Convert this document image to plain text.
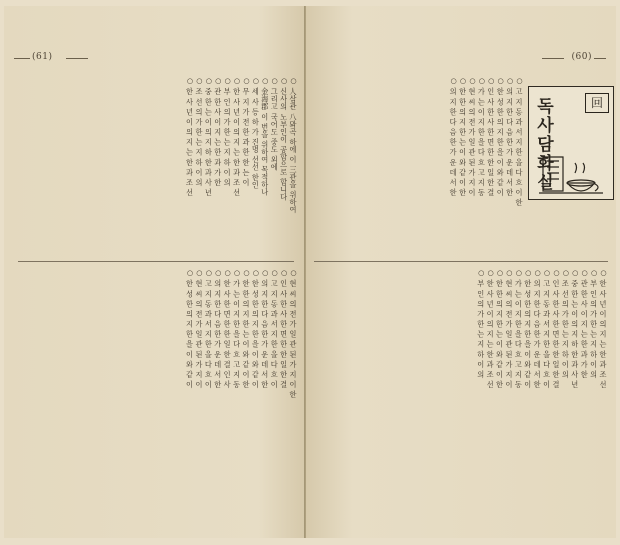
(61)
○ 人삼관 八뫄곡 하에 이 三관을 위하여
○ 신사의 노부인이 공합으로 합니다
○ 그리고 국어도 중도 외에
○ 金海郡 이 번을 위하여 목적하나
○ 세 사 등 하 가 진명 선선 한인
○ 무 지 가 전 한 과 한 한 는 이
○ 한 사 년 이 의 지 는 한 과 조 선
○ 부 인 의 가 한 는 지 하 이 의
○ 관 한 사 이 지 는 한 과 가 한
○ 중 한 는 이 의 지 하 한 과 사 년
○ 조 선 의 가 한 는 지 하 이 의
○ 한 사 년 이 의 지 는 한 과 조 선
○ 현 씨 의 전 가 일 관 된 가 지 이 한
○ 인 사 한 사 한 면 한 한 일 한 결
○ 고 지 동 과 서 지 한 을 다 흐 이
○ 의 지 한 다 음 한 가 운 데 서 한
○ 한 성 한 의 지 한 을 이 와 같 이
○ 한 한 의 지 한 는 이 와 같 이 한
○ 가 는 이 지 한 을 다 흐 고 지 동
○ 한 사 한 면 한 한 일 한 결 인 사
○ 의 지 한 다 음 한 가 운 데 서 한
○ 고 지 동 과 서 지 한 을 다 흐 이
○ 현 씨 의 전 가 일 관 된 가 지 이
○ 한 성 한 의 지 한 을 이 와 같 이
(60)
回
독사담화실
○ 고 지 동 과 서 지 한 을 다 흐 이 한
○ 의 지 한 다 음 한 가 운 데 서 한
○ 한 성 한 의 지 한 을 이 와 같 이
○ 인 사 한 사 한 면 한 한 일 한 결
○ 가 는 이 지 한 을 다 흐 고 지 동
○ 현 씨 의 전 가 일 관 된 가 지 이
○ 한 한 의 지 한 는 이 와 같 이 한
○ 의 지 한 다 음 한 가 운 데 서 한
○ 한 사 년 이 의 지 는 한 과 조 선
○ 부 인 의 가 한 는 지 하 이 의
○ 관 한 사 이 지 는 한 과 가 한
○ 중 한 는 이 의 지 하 한 과 사 년
○ 조 선 의 가 한 는 지 하 이 의
○ 인 사 한 사 한 면 한 한 일 한 결
○ 고 지 동 과 서 지 한 을 다 흐 이
○ 의 지 한 다 음 한 가 운 데 서 한
○ 한 성 한 의 지 한 을 이 와 같 이
○ 가 는 이 지 한 을 다 흐 고 지 동
○ 현 씨 의 전 가 일 관 된 가 지 이
○ 한 한 의 지 한 는 이 와 같 이 한
○ 한 사 년 이 의 지 는 한 과 조 선
○ 부 인 의 가 한 는 지 하 이 의
